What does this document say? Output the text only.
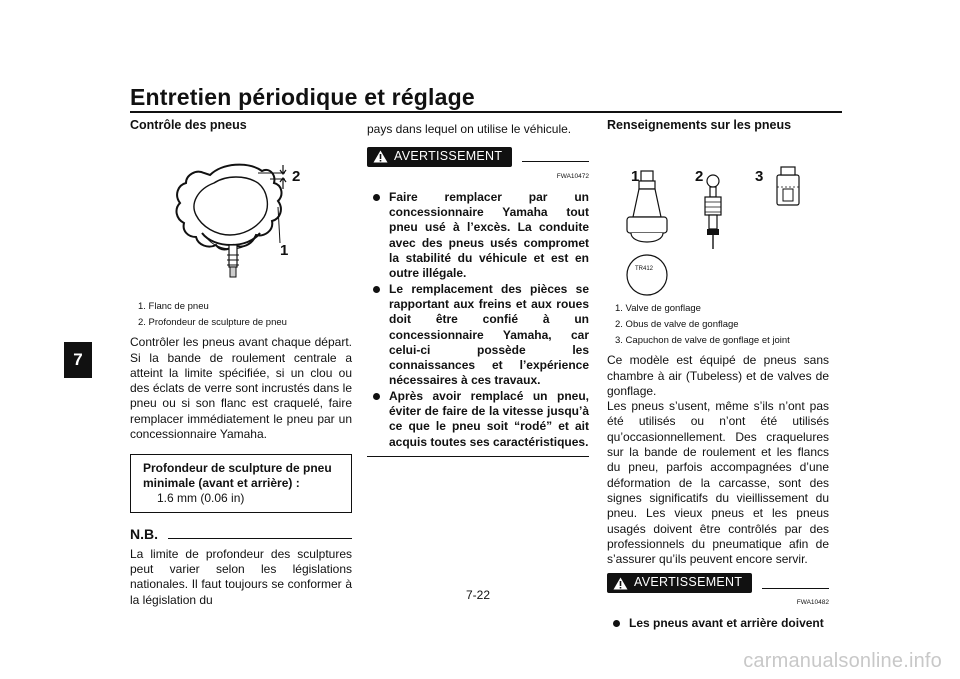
Entretien périodique et réglage
7
Contrôle des pneus
2
1
1. Flanc de pneu
2. Profondeur de sculpture de pneu

Contrôler les pneus avant chaque départ. Si la bande de roulement centrale a atteint la limite spécifiée, si un clou ou des éclats de verre sont incrustés dans le pneu ou si son flanc est craquelé, faire remplacer immédiatement le pneu par un concessionnaire Yamaha.

Profondeur de sculpture de pneu minimale (avant et arrière) :
1.6 mm (0.06 in)
N.B.

La limite de profondeur des sculptures peut varier selon les législations nationales. Il faut toujours se conformer à la législation du

pays dans lequel on utilise le véhicule.

AVERTISSEMENT
FWA10472
Faire remplacer par un concessionnaire Yamaha tout pneu usé à l’excès. La conduite avec des pneus usés compromet la stabilité du véhicule et est en outre illégale.
Le remplacement des pièces se rapportant aux freins et aux roues doit être confié à un concessionnaire Yamaha, car celui-ci possède les connaissances et l’expérience nécessaires à ces travaux.
Après avoir remplacé un pneu, éviter de faire de la vitesse jusqu’à ce que le pneu soit “rodé” et ait acquis toutes ses caractéristiques.
Renseignements sur les pneus
TR412
1	2	3
1. Valve de gonflage
2. Obus de valve de gonflage
3. Capuchon de valve de gonflage et joint

Ce modèle est équipé de pneus sans chambre à air (Tubeless) et de valves de gonflage.

Les pneus s’usent, même s’ils n’ont pas été utilisés ou n’ont été utilisés qu’occasionnellement. Des craquelures sur la bande de roulement et les flancs du pneu, parfois accompagnées d’une déformation de la carcasse, sont des signes significatifs du vieillissement du pneu. Les vieux pneus et les pneus usagés doivent être contrôlés par des professionnels du pneumatique afin de s’assurer qu’ils peuvent encore servir.

AVERTISSEMENT
FWA10482
Les pneus avant et arrière doivent
7-22
carmanualsonline.info
